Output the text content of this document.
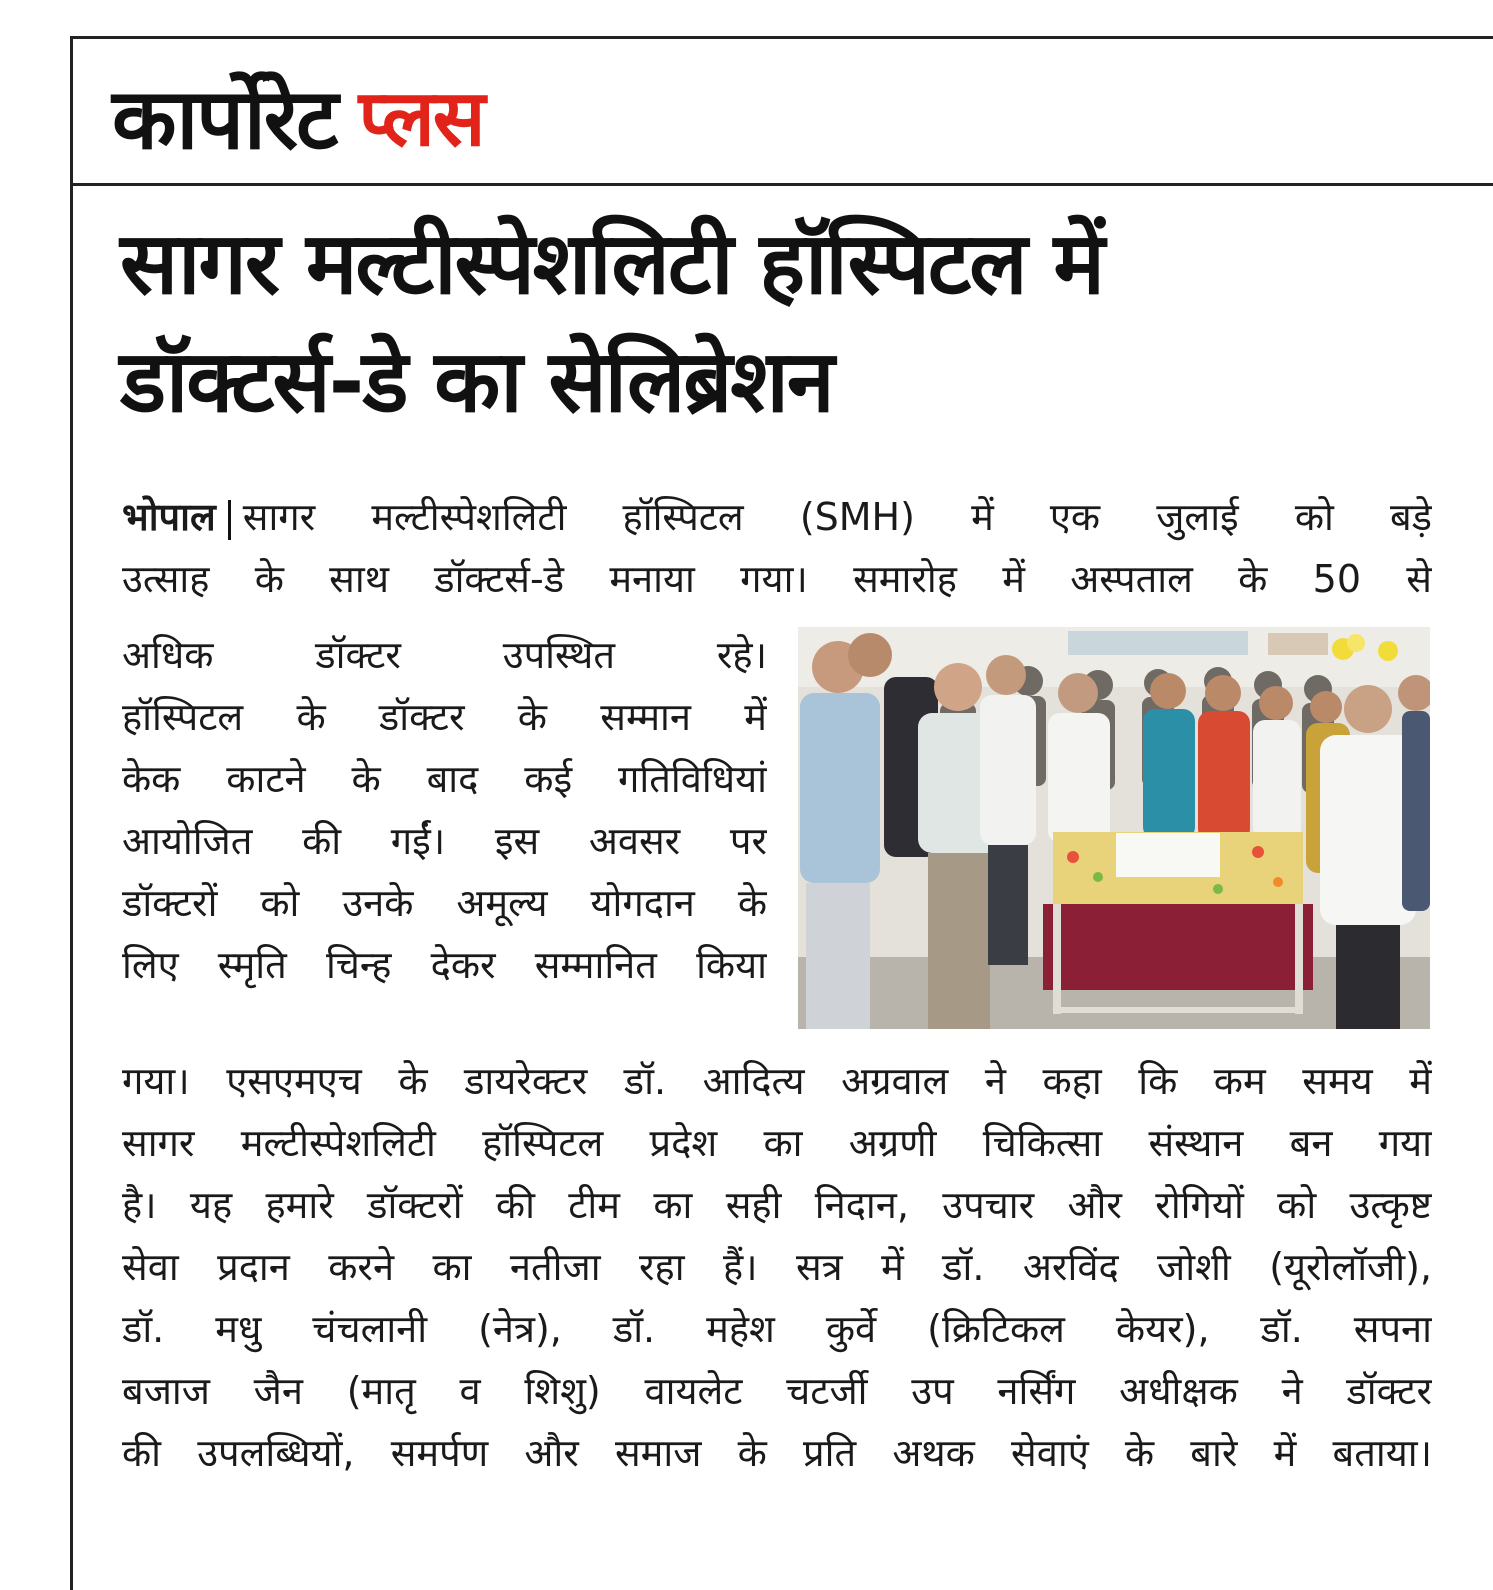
कार्पोरेट प्लस
सागर मल्टीस्पेशलिटी हॉस्पिटल में
डॉक्टर्स-डे का सेलिब्रेशन
भोपाल सागर मल्टीस्पेशलिटी हॉस्पिटल (SMH) में एक जुलाई को बड़े
उत्साह के साथ डॉक्टर्स-डे मनाया गया। समारोह में अस्पताल के 50 से
अधिक डॉक्टर उपस्थित रहे।
हॉस्पिटल के डॉक्टर के सम्मान में
केक काटने के बाद कई गतिविधियां
आयोजित की गईं। इस अवसर पर
डॉक्टरों को उनके अमूल्य योगदान के
लिए स्मृति चिन्ह देकर सम्मानित किया
गया। एसएमएच के डायरेक्टर डॉ. आदित्य अग्रवाल ने कहा कि कम समय में
सागर मल्टीस्पेशलिटी हॉस्पिटल प्रदेश का अग्रणी चिकित्सा संस्थान बन गया
है। यह हमारे डॉक्टरों की टीम का सही निदान, उपचार और रोगियों को उत्कृष्ट
सेवा प्रदान करने का नतीजा रहा हैं। सत्र में डॉ. अरविंद जोशी (यूरोलॉजी),
डॉ. मधु चंचलानी (नेत्र), डॉ. महेश कुर्वे (क्रिटिकल केयर), डॉ. सपना
बजाज जैन (मातृ व शिशु) वायलेट चटर्जी उप नर्सिंग अधीक्षक ने डॉक्टर
की उपलब्धियों, समर्पण और समाज के प्रति अथक सेवाएं के बारे में बताया।
